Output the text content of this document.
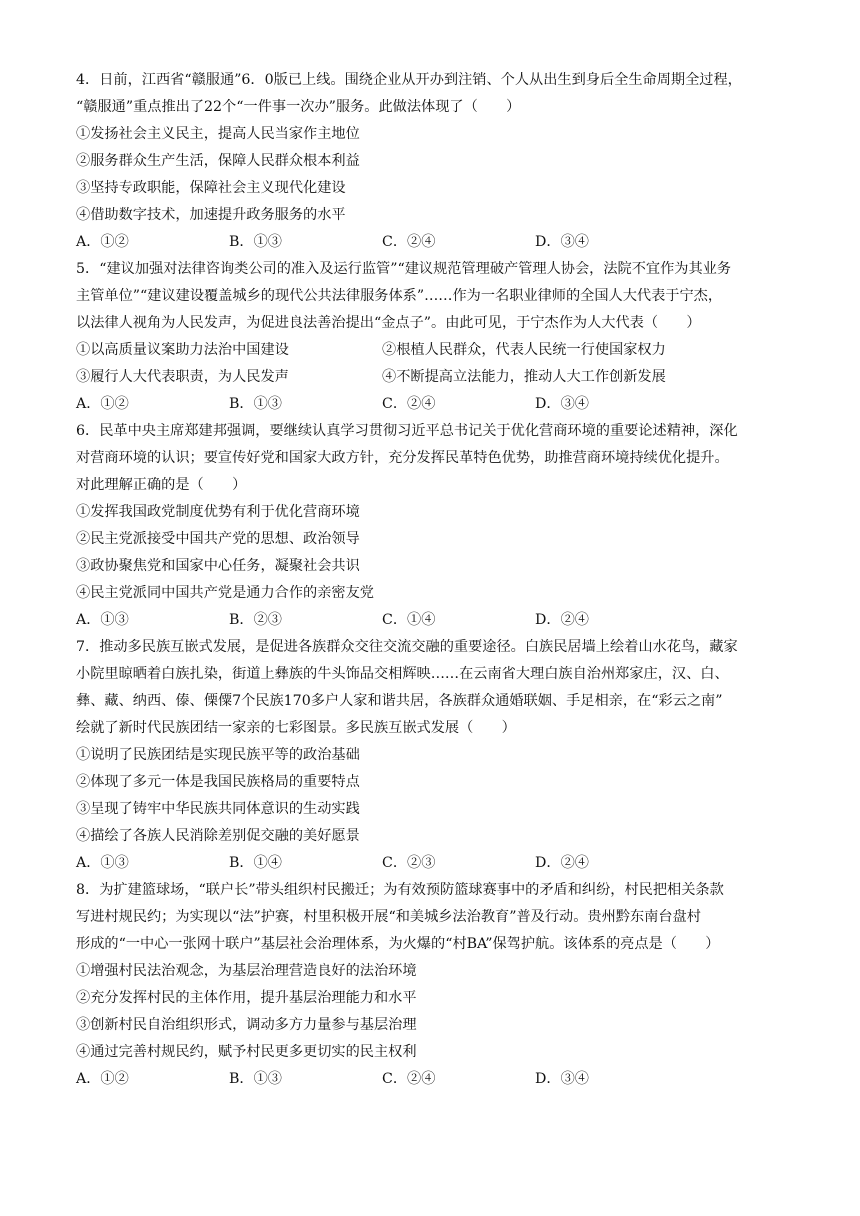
4．日前，江西省“赣服通”6．0版已上线。围绕企业从开办到注销、个人从出生到身后全生命周期全过程，
“赣服通”重点推出了22个“一件事一次办”服务。此做法体现了（　　）
①发扬社会主义民主，提高人民当家作主地位
②服务群众生产生活，保障人民群众根本利益
③坚持专政职能，保障社会主义现代化建设
④借助数字技术，加速提升政务服务的水平
A．①②	B．①③	C．②④	D．③④
5．“建议加强对法律咨询类公司的准入及运行监管”“建议规范管理破产管理人协会，法院不宜作为其业务
主管单位”“建议建设覆盖城乡的现代公共法律服务体系”……作为一名职业律师的全国人大代表于宁杰，
以法律人视角为人民发声，为促进良法善治提出“金点子”。由此可见，于宁杰作为人大代表（　　）
①以高质量议案助力法治中国建设	②根植人民群众，代表人民统一行使国家权力
③履行人大代表职责，为人民发声	④不断提高立法能力，推动人大工作创新发展
A．①②	B．①③	C．②④	D．③④
6．民革中央主席郑建邦强调，要继续认真学习贯彻习近平总书记关于优化营商环境的重要论述精神，深化
对营商环境的认识；要宣传好党和国家大政方针，充分发挥民革特色优势，助推营商环境持续优化提升。
对此理解正确的是（　　）
①发挥我国政党制度优势有利于优化营商环境
②民主党派接受中国共产党的思想、政治领导
③政协聚焦党和国家中心任务，凝聚社会共识
④民主党派同中国共产党是通力合作的亲密友党
A．①③	B．②③	C．①④	D．②④
7．推动多民族互嵌式发展，是促进各族群众交往交流交融的重要途径。白族民居墙上绘着山水花鸟，藏家
小院里晾晒着白族扎染，街道上彝族的牛头饰品交相辉映……在云南省大理白族自治州郑家庄，汉、白、
彝、藏、纳西、傣、傈僳7个民族170多户人家和谐共居，各族群众通婚联姻、手足相亲，在“彩云之南”
绘就了新时代民族团结一家亲的七彩图景。多民族互嵌式发展（　　）
①说明了民族团结是实现民族平等的政治基础
②体现了多元一体是我国民族格局的重要特点
③呈现了铸牢中华民族共同体意识的生动实践
④描绘了各族人民消除差别促交融的美好愿景
A．①③	B．①④	C．②③	D．②④
8．为扩建篮球场，“联户长”带头组织村民搬迁；为有效预防篮球赛事中的矛盾和纠纷，村民把相关条款
写进村规民约；为实现以“法”护赛，村里积极开展“和美城乡法治教育”普及行动。贵州黔东南台盘村
形成的“一中心一张网十联户”基层社会治理体系，为火爆的“村BA”保驾护航。该体系的亮点是（　　）
①增强村民法治观念，为基层治理营造良好的法治环境
②充分发挥村民的主体作用，提升基层治理能力和水平
③创新村民自治组织形式，调动多方力量参与基层治理
④通过完善村规民约，赋予村民更多更切实的民主权利
A．①②	B．①③	C．②④	D．③④
